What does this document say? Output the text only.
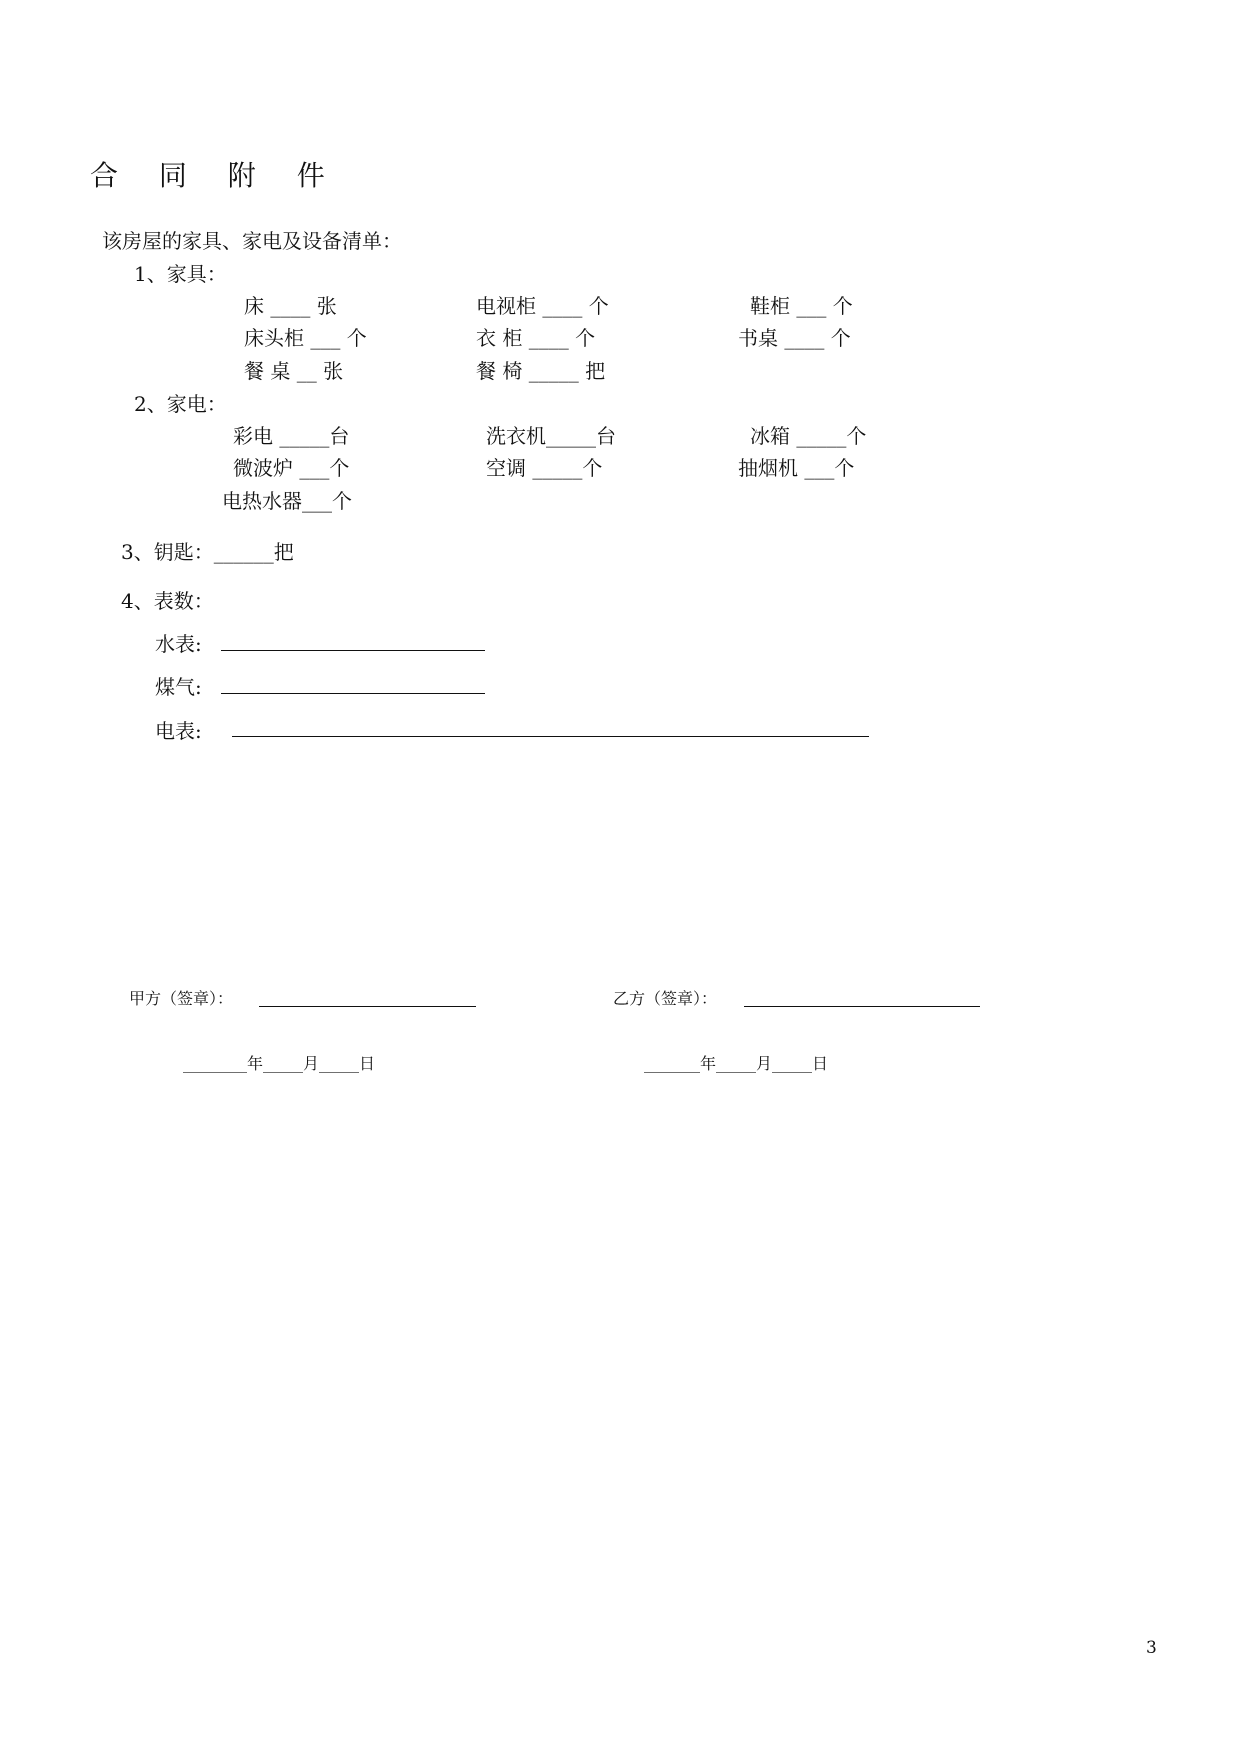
合 同 附 件
该房屋的家具、家电及设备清单：
1、家具：
床 ____ 张	电视柜 ____ 个	鞋柜 ___ 个
床头柜 ___ 个	衣 柜 ____ 个	书桌 ____ 个
餐 桌 __ 张	餐 椅 _____ 把
2、家电：
彩电 _____台	洗衣机_____台	冰箱 _____个
微波炉 ___个	空调 _____个	抽烟机 ___个
电热水器___个
3、钥匙：______把
4、表数：
水表:
煤气:
电表:
甲方（签章）：	乙方（签章）：
________年_____月_____日	_______年_____月_____日
3
